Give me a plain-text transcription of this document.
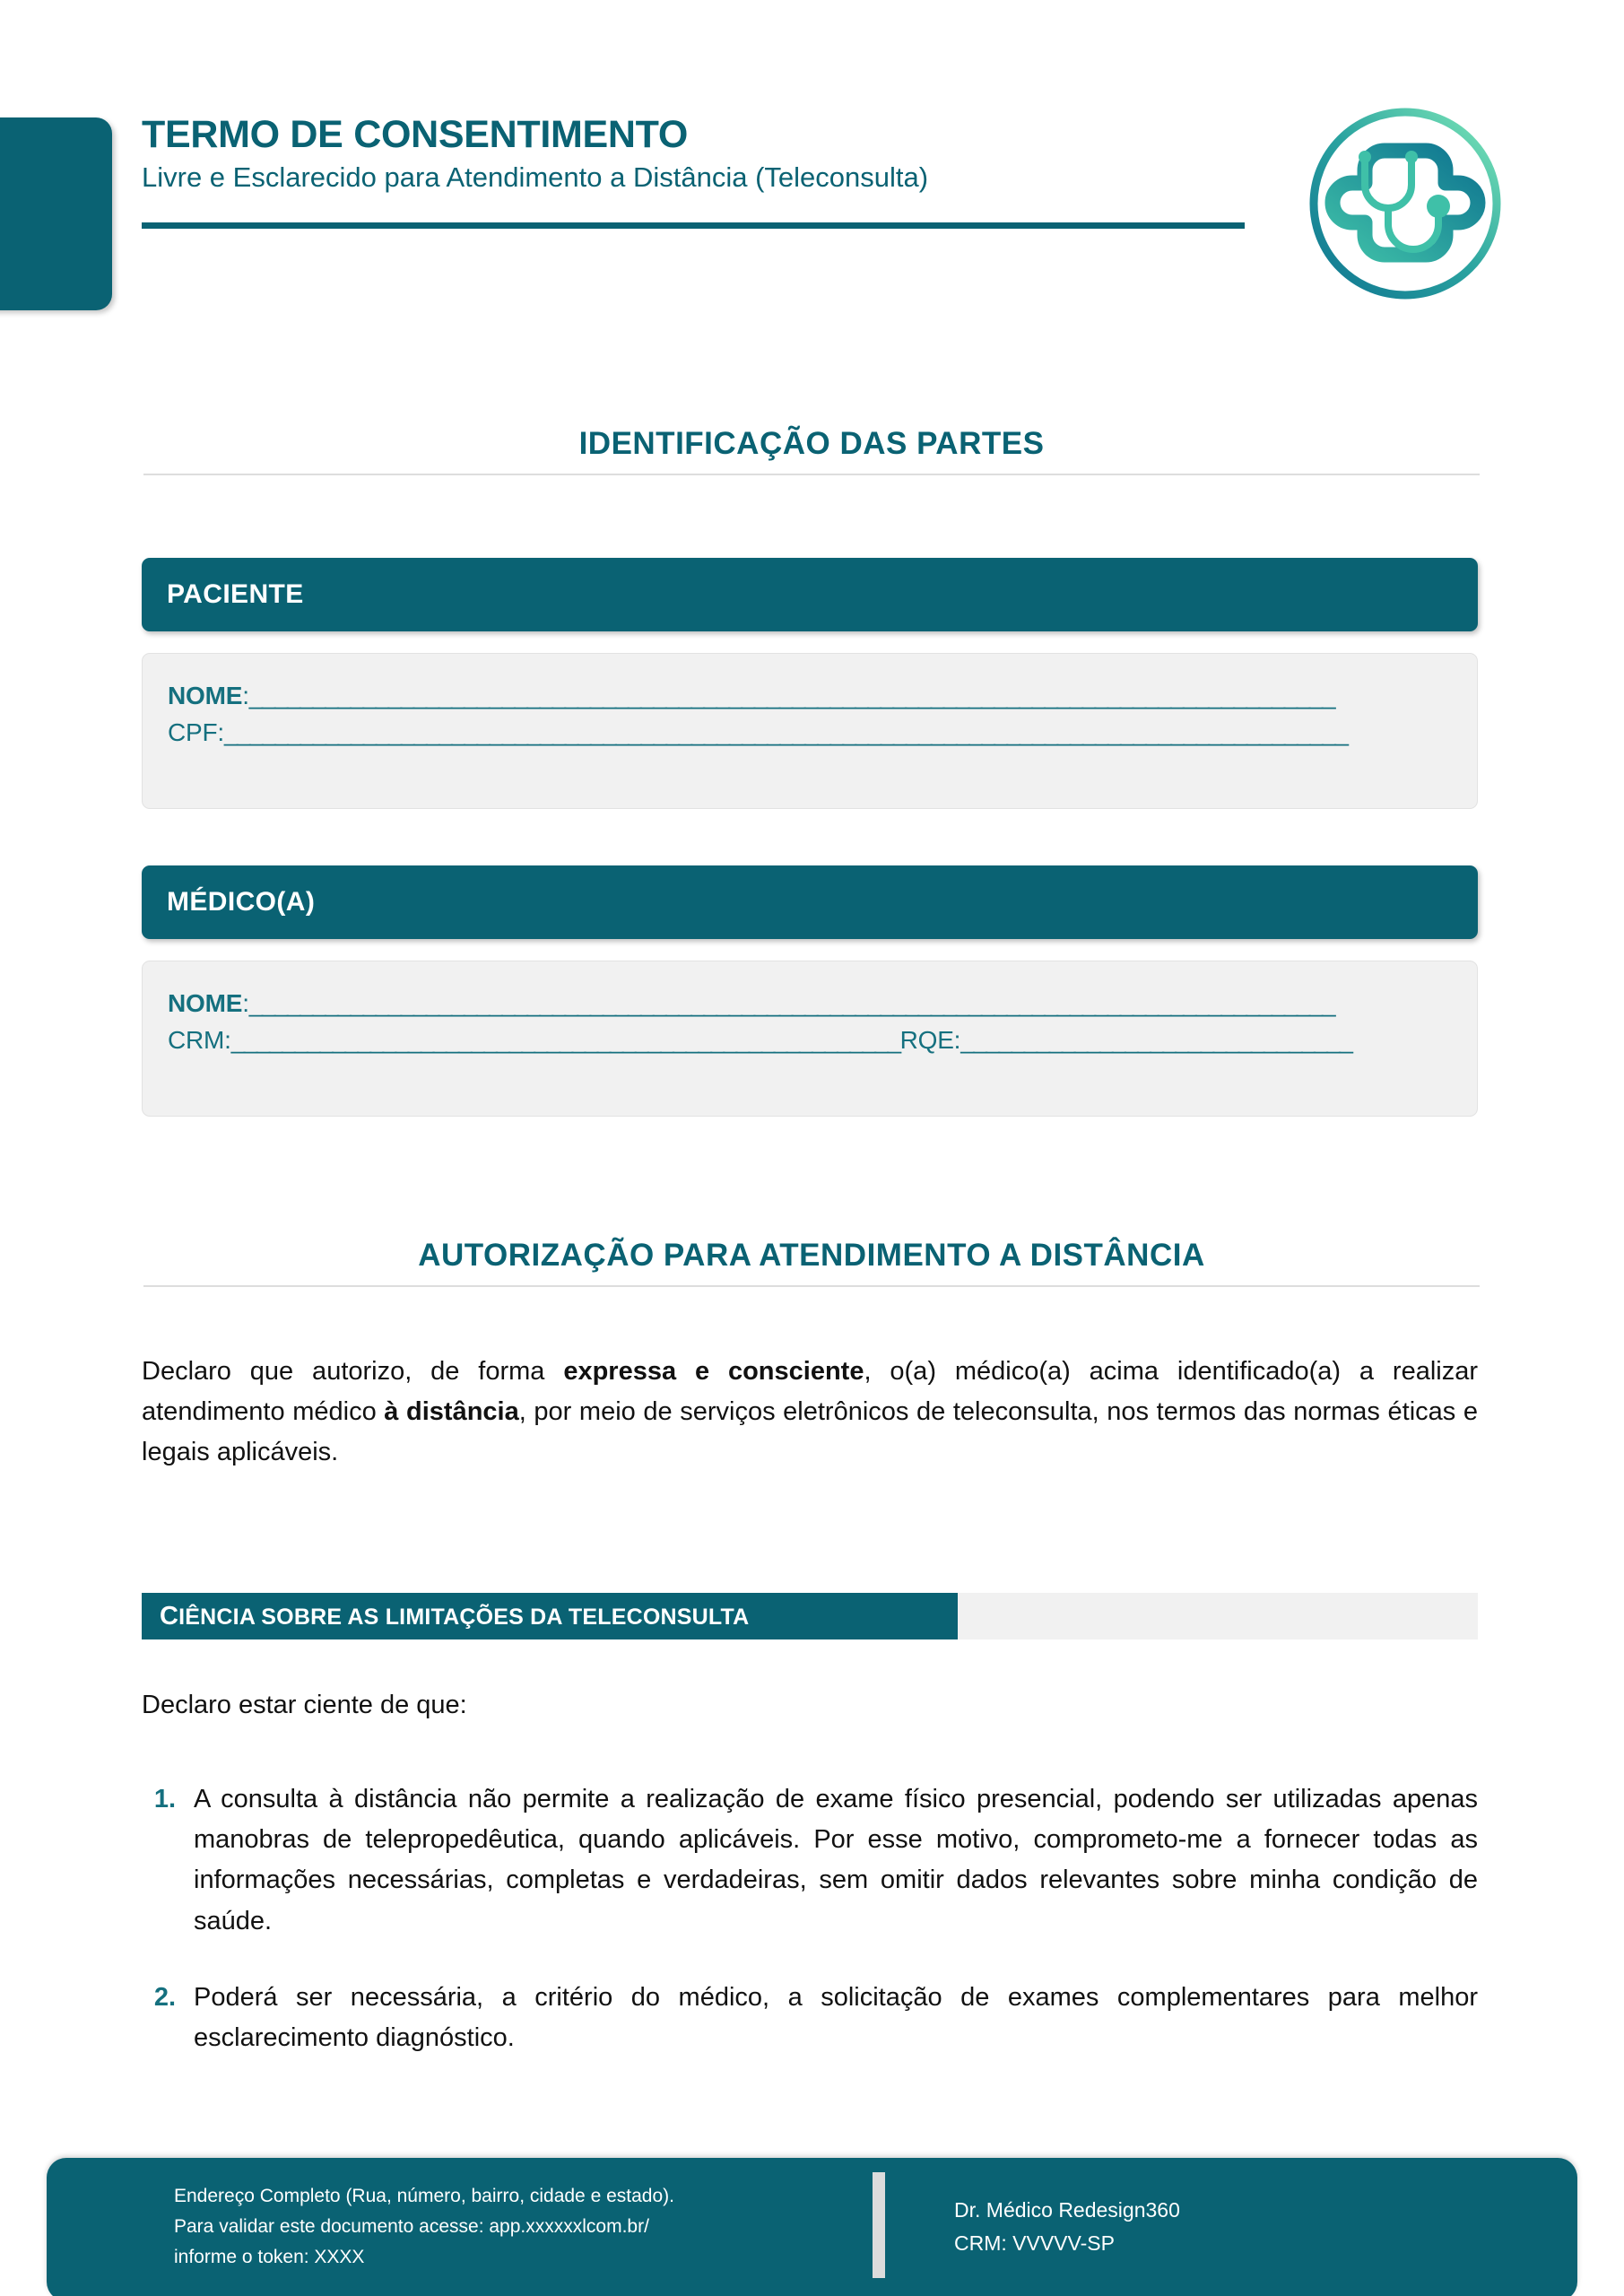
TERMO DE CONSENTIMENTO
Livre e Esclarecido para Atendimento a Distância (Teleconsulta)
IDENTIFICAÇÃO DAS PARTES
PACIENTE
NOME:______________________________________________________________________________________
CPF:_________________________________________________________________________________________
MÉDICO(A)
NOME:______________________________________________________________________________________
CRM:_____________________________________________________RQE:_______________________________
AUTORIZAÇÃO PARA ATENDIMENTO A DISTÂNCIA
Declaro que autorizo, de forma expressa e consciente, o(a) médico(a) acima identificado(a) a realizar atendimento médico à distância, por meio de serviços eletrônicos de teleconsulta, nos termos das normas éticas e legais aplicáveis.
CIÊNCIA SOBRE AS LIMITAÇÕES DA TELECONSULTA
Declaro estar ciente de que:
1. A consulta à distância não permite a realização de exame físico presencial, podendo ser utilizadas apenas manobras de telepropedêutica, quando aplicáveis. Por esse motivo, comprometo-me a fornecer todas as informações necessárias, completas e verdadeiras, sem omitir dados relevantes sobre minha condição de saúde.
2. Poderá ser necessária, a critério do médico, a solicitação de exames complementares para melhor esclarecimento diagnóstico.
Endereço Completo (Rua, número, bairro, cidade e estado).
Para validar este documento acesse: app.xxxxxxlcom.br/
informe o token: XXXX
Dr. Médico Redesign360
CRM: VVVVV-SP
